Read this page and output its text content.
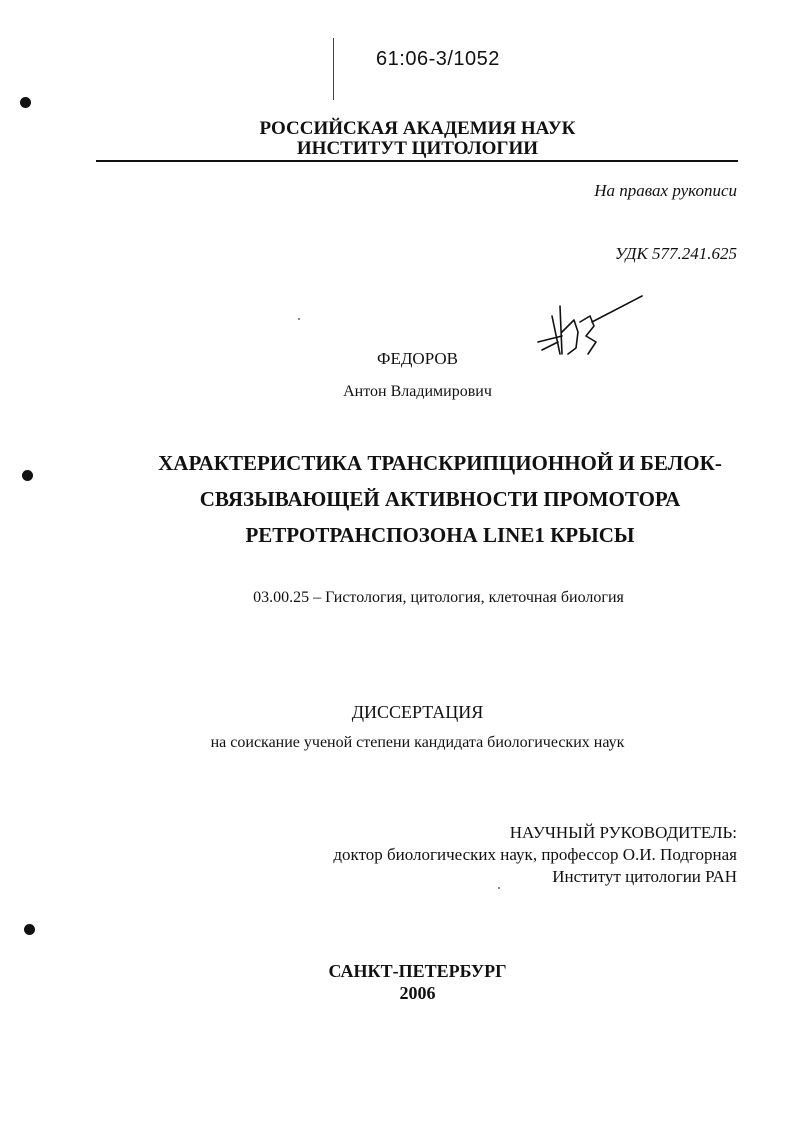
61:06-3/1052
РОССИЙСКАЯ АКАДЕМИЯ НАУК
ИНСТИТУТ ЦИТОЛОГИИ
На правах рукописи
УДК 577.241.625
ФЕДОРОВ
Антон Владимирович
ХАРАКТЕРИСТИКА ТРАНСКРИПЦИОННОЙ И БЕЛОК-
СВЯЗЫВАЮЩЕЙ АКТИВНОСТИ ПРОМОТОРА
РЕТРОТРАНСПОЗОНА LINE1 КРЫСЫ
03.00.25 – Гистология, цитология, клеточная биология
ДИССЕРТАЦИЯ
на соискание ученой степени кандидата биологических наук
НАУЧНЫЙ РУКОВОДИТЕЛЬ:
доктор биологических наук, профессор О.И. Подгорная
Институт цитологии РАН
САНКТ-ПЕТЕРБУРГ
2006
